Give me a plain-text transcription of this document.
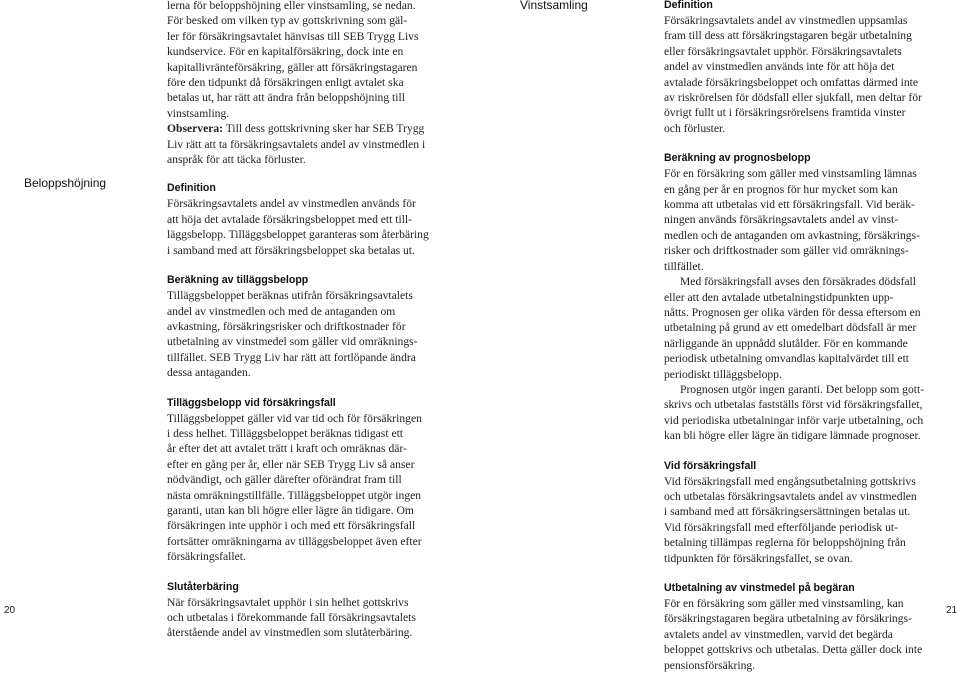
Beloppshöjning
lerna för beloppshöjning eller vinstsamling, se nedan.
För besked om vilken typ av gottskrivning som gäl-
ler för försäkringsavtalet hänvisas till SEB Trygg Livs
kundservice. För en kapitalförsäkring, dock inte en
kapitallivränteförsäkring, gäller att försäkringstagaren
före den tidpunkt då försäkringen enligt avtalet ska
betalas ut, har rätt att ändra från beloppshöjning till
vinstsamling.
Observera: Till dess gottskrivning sker har SEB Trygg
Liv rätt att ta försäkringsavtalets andel av vinstmedlen i
anspråk för att täcka förluster.
Definition
Försäkringsavtalets andel av vinstmedlen används för
att höja det avtalade försäkringsbeloppet med ett till-
läggsbelopp. Tilläggsbeloppet garanteras som återbäring
i samband med att försäkringsbeloppet ska betalas ut.
Beräkning av tilläggsbelopp
Tilläggsbeloppet beräknas utifrån försäkringsavtalets
andel av vinstmedlen och med de antaganden om
avkastning, försäkringsrisker och driftkostnader för
utbetalning av vinstmedel som gäller vid omräknings-
tillfället. SEB Trygg Liv har rätt att fortlöpande ändra
dessa antaganden.
Tilläggsbelopp vid försäkringsfall
Tilläggsbeloppet gäller vid var tid och för försäkringen
i dess helhet. Tilläggsbeloppet beräknas tidigast ett
år efter det att avtalet trätt i kraft och omräknas där-
efter en gång per år, eller när SEB Trygg Liv så anser
nödvändigt, och gäller därefter oförändrat fram till
nästa omräkningstillfälle. Tilläggsbeloppet utgör ingen
garanti, utan kan bli högre eller lägre än tidigare. Om
försäkringen inte upphör i och med ett försäkringsfall
fortsätter omräkningarna av tilläggsbeloppet även efter
försäkringsfallet.
Slutåterbäring
När försäkringsavtalet upphör i sin helhet gottskrivs
och utbetalas i förekommande fall försäkringsavtalets
återstående andel av vinstmedlen som slutåterbäring.
20
Vinstsamling	Definition
Försäkringsavtalets andel av vinstmedlen uppsamlas
fram till dess att försäkringstagaren begär utbetalning
eller försäkringsavtalet upphör. Försäkringsavtalets
andel av vinstmedlen används inte för att höja det
avtalade försäkringsbeloppet och omfattas därmed inte
av riskrörelsen för dödsfall eller sjukfall, men deltar för
övrigt fullt ut i försäkringsrörelsens framtida vinster
och förluster.
Beräkning av prognosbelopp
För en försäkring som gäller med vinstsamling lämnas
en gång per år en prognos för hur mycket som kan
komma att utbetalas vid ett försäkringsfall. Vid beräk-
ningen används försäkringsavtalets andel av vinst-
medlen och de antaganden om avkastning, försäkrings-
risker och driftkostnader som gäller vid omräknings-
tillfället.
Med försäkringsfall avses den försäkrades dödsfall
eller att den avtalade utbetalningstidpunkten upp-
nåtts. Prognosen ger olika värden för dessa eftersom en
utbetalning på grund av ett omedelbart dödsfall är mer
närliggande än uppnådd slutålder. För en kommande
periodisk utbetalning omvandlas kapitalvärdet till ett
periodiskt tilläggsbelopp.
Prognosen utgör ingen garanti. Det belopp som gott-
skrivs och utbetalas fastställs först vid försäkringsfallet,
vid periodiska utbetalningar inför varje utbetalning, och
kan bli högre eller lägre än tidigare lämnade prognoser.
Vid försäkringsfall
Vid försäkringsfall med engångsutbetalning gottskrivs
och utbetalas försäkringsavtalets andel av vinstmedlen
i samband med att försäkringsersättningen betalas ut.
Vid försäkringsfall med efterföljande periodisk ut-
betalning tillämpas reglerna för beloppshöjning från
tidpunkten för försäkringsfallet, se ovan.
Utbetalning av vinstmedel på begäran
För en försäkring som gäller med vinstsamling, kan
försäkringstagaren begära utbetalning av försäkrings-
avtalets andel av vinstmedlen, varvid det begärda
beloppet gottskrivs och utbetalas. Detta gäller dock inte
pensionsförsäkring.
21
